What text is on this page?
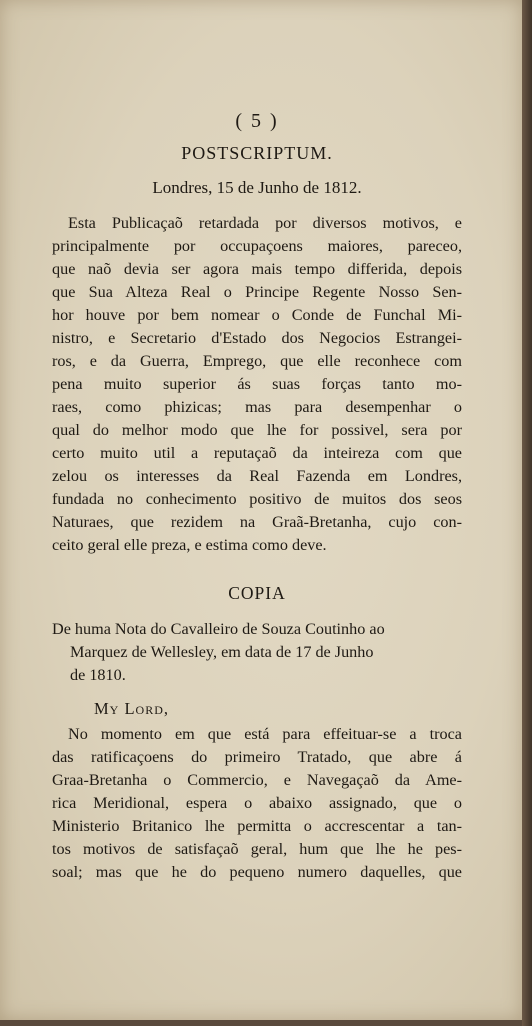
( 5 )
POSTSCRIPTUM.
Londres, 15 de Junho de 1812.

Esta Publicaçaõ retardada por diversos motivos, e

principalmente por occupaçoens maiores, pareceo,

que naõ devia ser agora mais tempo differida, depois

que Sua Alteza Real o Principe Regente Nosso Sen-

hor houve por bem nomear o Conde de Funchal Mi-

nistro, e Secretario d'Estado dos Negocios Estrangei-

ros, e da Guerra, Emprego, que elle reconhece com

pena muito superior ás suas forças tanto mo-

raes, como phizicas; mas para desempenhar o

qual do melhor modo que lhe for possivel, sera por

certo muito util a reputaçaõ da inteireza com que

zelou os interesses da Real Fazenda em Londres,

fundada no conhecimento positivo de muitos dos seos

Naturaes, que rezidem na Graã-Bretanha, cujo con-

ceito geral elle preza, e estima como deve.

COPIA

De huma Nota do Cavalleiro de Souza Coutinho ao

Marquez de Wellesley, em data de 17 de Junho

de 1810.

My Lord,

No momento em que está para effeituar-se a troca

das ratificaçoens do primeiro Tratado, que abre á

Graa-Bretanha o Commercio, e Navegaçaõ da Ame-

rica Meridional, espera o abaixo assignado, que o

Ministerio Britanico lhe permitta o accrescentar a tan-

tos motivos de satisfaçaõ geral, hum que lhe he pes-

soal; mas que he do pequeno numero daquelles, que
